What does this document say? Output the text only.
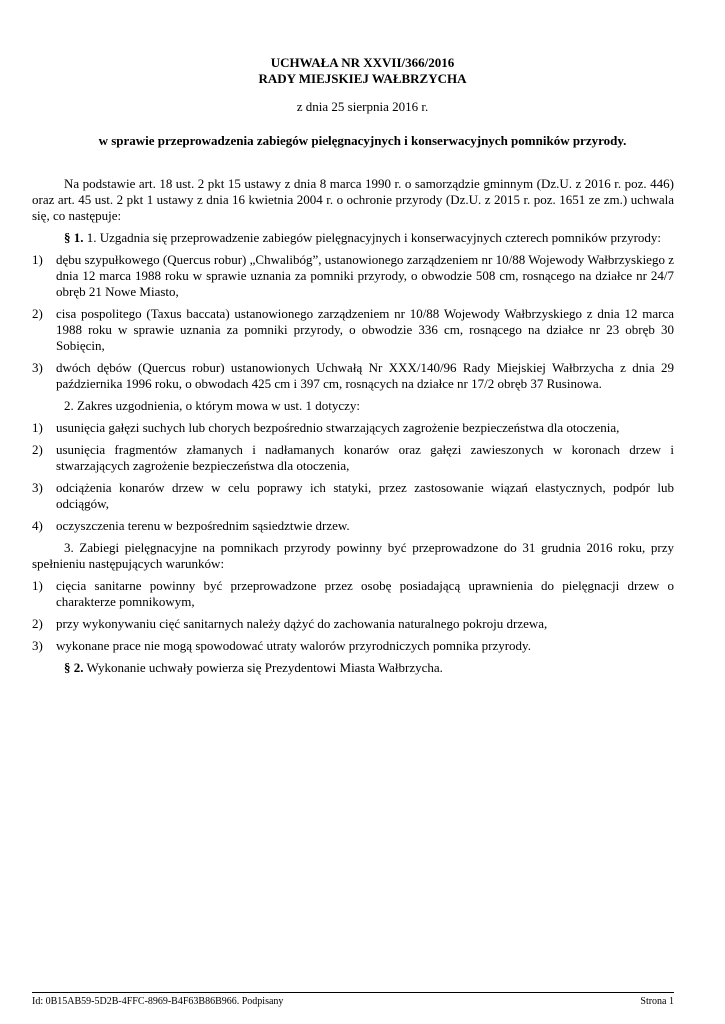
UCHWAŁA NR XXVII/366/2016
RADY MIEJSKIEJ WAŁBRZYCHA
z dnia 25 sierpnia 2016 r.
w sprawie przeprowadzenia zabiegów pielęgnacyjnych i konserwacyjnych pomników przyrody.

Na podstawie art. 18 ust. 2 pkt 15 ustawy z dnia 8 marca 1990 r. o samorządzie gminnym (Dz.U. z 2016 r. poz. 446) oraz art. 45 ust. 2 pkt 1 ustawy z dnia 16 kwietnia 2004 r. o ochronie przyrody (Dz.U. z 2015 r. poz. 1651 ze zm.) uchwala się, co następuje:

§ 1. 1. Uzgadnia się przeprowadzenie zabiegów pielęgnacyjnych i konserwacyjnych czterech pomników przyrody:

1) dębu szypułkowego (Quercus robur) „Chwalibóg”, ustanowionego zarządzeniem nr 10/88 Wojewody Wałbrzyskiego z dnia 12 marca 1988 roku w sprawie uznania za pomniki przyrody, o obwodzie 508 cm, rosnącego na działce nr 24/7 obręb 21 Nowe Miasto,
2) cisa pospolitego (Taxus baccata) ustanowionego zarządzeniem nr 10/88 Wojewody Wałbrzyskiego z dnia 12 marca 1988 roku w sprawie uznania za pomniki przyrody, o obwodzie 336 cm, rosnącego na działce nr 23 obręb 30 Sobięcin,
3) dwóch dębów (Quercus robur) ustanowionych Uchwałą Nr XXX/140/96 Rady Miejskiej Wałbrzycha z dnia 29 października 1996 roku, o obwodach 425 cm i 397 cm, rosnących na działce nr 17/2 obręb 37 Rusinowa.

2. Zakres uzgodnienia, o którym mowa w ust. 1 dotyczy:

1) usunięcia gałęzi suchych lub chorych bezpośrednio stwarzających zagrożenie bezpieczeństwa dla otoczenia,
2) usunięcia fragmentów złamanych i nadłamanych konarów oraz gałęzi zawieszonych w koronach drzew i stwarzających zagrożenie bezpieczeństwa dla otoczenia,
3) odciążenia konarów drzew w celu poprawy ich statyki, przez zastosowanie wiązań elastycznych, podpór lub odciągów,
4) oczyszczenia terenu w bezpośrednim sąsiedztwie drzew.

3. Zabiegi pielęgnacyjne na pomnikach przyrody powinny być przeprowadzone do 31 grudnia 2016 roku, przy spełnieniu następujących warunków:

1) cięcia sanitarne powinny być przeprowadzone przez osobę posiadającą uprawnienia do pielęgnacji drzew o charakterze pomnikowym,
2) przy wykonywaniu cięć sanitarnych należy dążyć do zachowania naturalnego pokroju drzewa,
3) wykonane prace nie mogą spowodować utraty walorów przyrodniczych pomnika przyrody.

§ 2. Wykonanie uchwały powierza się Prezydentowi Miasta Wałbrzycha.

Id: 0B15AB59-5D2B-4FFC-8969-B4F63B86B966. Podpisany	Strona 1
